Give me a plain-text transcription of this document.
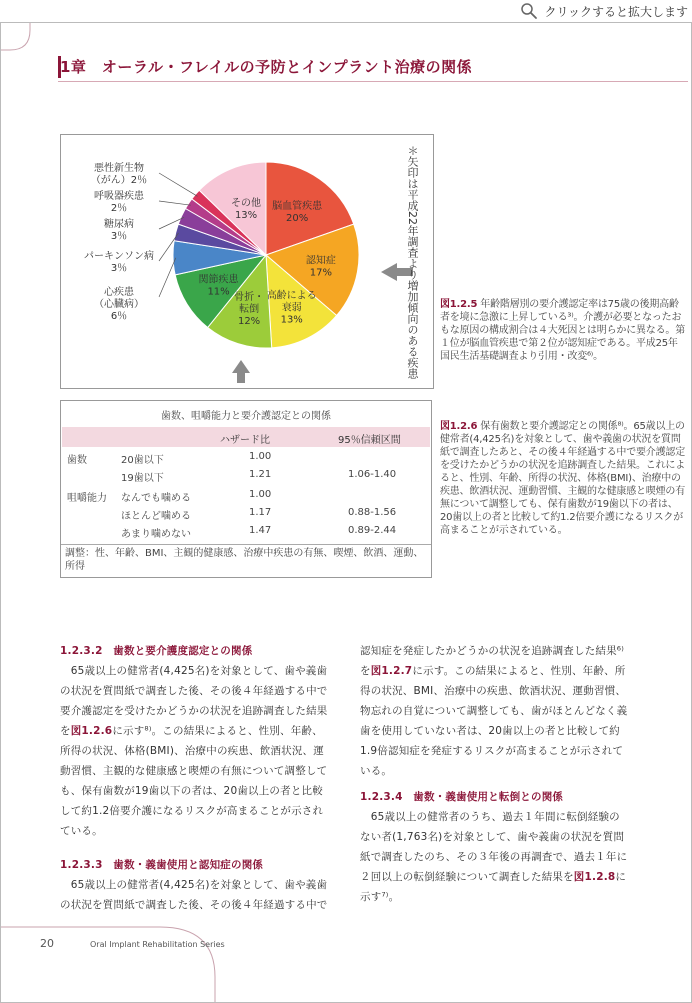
クリックすると拡大します
1章　オーラル・フレイルの予防とインプラント治療の関係
脳血管疾患
20%
認知症
17%
高齢による
衰弱
13%
骨折・
転倒
12%
関節疾患
11%
その他
13%
悪性新生物
（がん）2％
呼吸器疾患
2％
糖尿病
3％
パーキンソン病
3％
心疾患
（心臓病）
6％	＊矢印は平成22年調査より増加傾向のある疾患 図1.2.5 年齢階層別の要介護認定率は75歳の後期高齢者を境に急激に上昇している³⁾。介護が必要となったおもな原因の構成割合は４大死因とは明らかに異なる。第１位が脳血管疾患で第２位が認知症である。平成25年国民生活基礎調査より引用・改変⁶⁾。
歯数、咀嚼能力と要介護認定との関係
ハザード比	95％信頼区間
歯数	20歯以下	1.00
19歯以下	1.21	1.06-1.40
咀嚼能力 なんでも噛める	1.00
ほとんど噛める	1.17	0.88-1.56
あまり噛めない	1.47	0.89-2.44
調整：性、年齢、BMI、主観的健康感、治療中疾患の有無、喫煙、飲酒、運動、所得
図1.2.6 保有歯数と要介護認定との関係⁸⁾。65歳以上の健常者(4,425名)を対象として、歯や義歯の状況を質問紙で調査したあと、その後４年経過する中で要介護認定を受けたかどうかの状況を追跡調査した結果。これによると、性別、年齢、所得の状況、体格(BMI)、治療中の疾患、飲酒状況、運動習慣、主観的な健康感と喫煙の有無について調整しても、保有歯数が19歯以下の者は、20歯以上の者と比較して約1.2倍要介護になるリスクが高まることが示されている。

1.2.3.2　歯数と要介護度認定との関係

　65歳以上の健常者(4,425名)を対象として、歯や義歯の状況を質問紙で調査した後、その後４年経過する中で要介護認定を受けたかどうかの状況を追跡調査した結果を図1.2.6に示す⁸⁾。この結果によると、性別、年齢、所得の状況、体格(BMI)、治療中の疾患、飲酒状況、運動習慣、主観的な健康感と喫煙の有無について調整しても、保有歯数が19歯以下の者は、20歯以上の者と比較して約1.2倍要介護になるリスクが高まることが示されている。

1.2.3.3　歯数・義歯使用と認知症の関係

　65歳以上の健常者(4,425名)を対象として、歯や義歯の状況を質問紙で調査した後、その後４年経過する中で

認知症を発症したかどうかの状況を追跡調査した結果⁶⁾を図1.2.7に示す。この結果によると、性別、年齢、所得の状況、BMI、治療中の疾患、飲酒状況、運動習慣、物忘れの自覚について調整しても、歯がほとんどなく義歯を使用していない者は、20歯以上の者と比較して約1.9倍認知症を発症するリスクが高まることが示されている。

1.2.3.4　歯数・義歯使用と転倒との関係

　65歳以上の健常者のうち、過去１年間に転倒経験のない者(1,763名)を対象として、歯や義歯の状況を質問紙で調査したのち、その３年後の再調査で、過去１年に２回以上の転倒経験について調査した結果を図1.2.8に示す⁷⁾。

20	Oral Implant Rehabilitation Series
